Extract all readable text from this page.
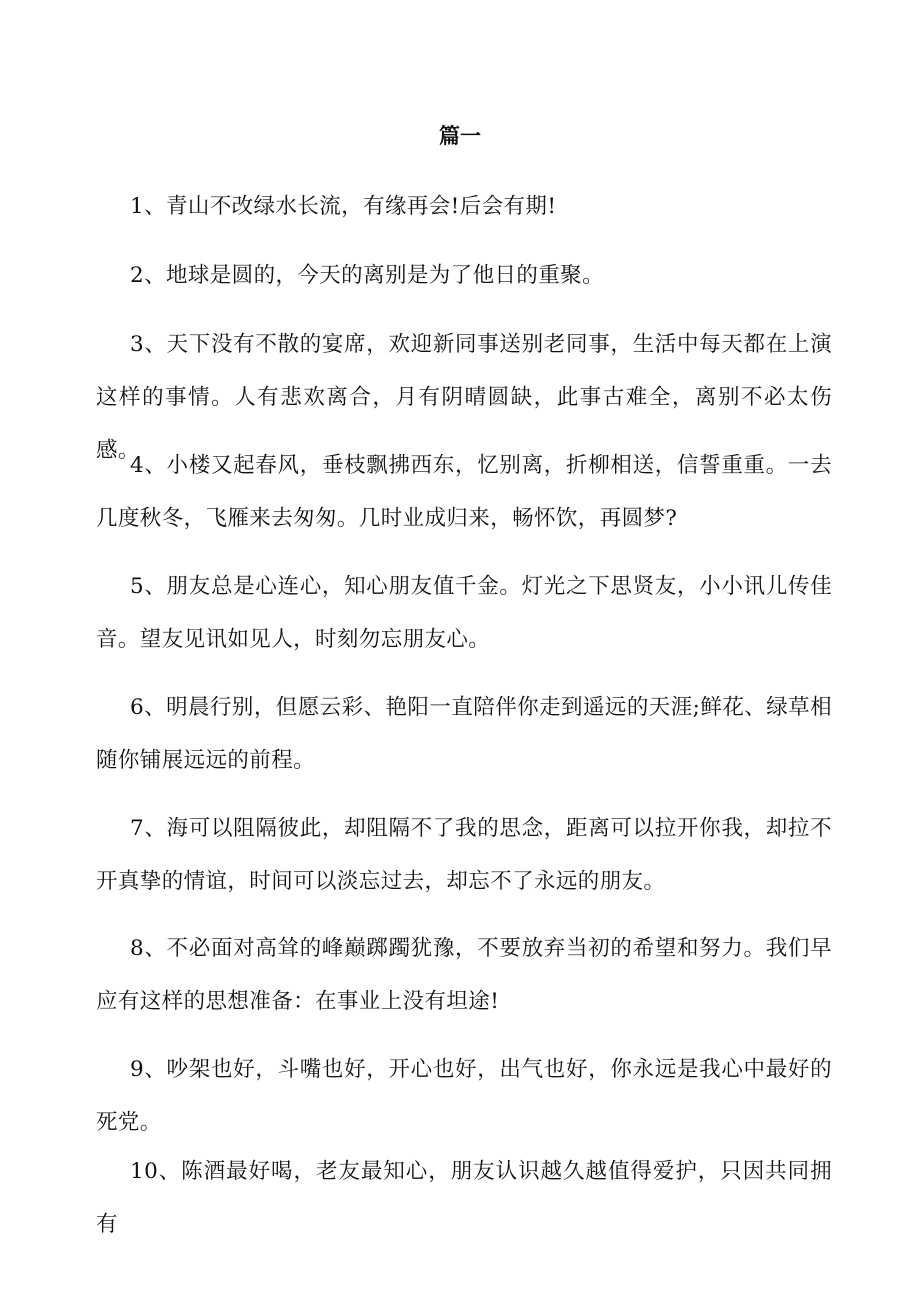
篇一

1、青山不改绿水长流，有缘再会!后会有期!

2、地球是圆的，今天的离别是为了他日的重聚。

3、天下没有不散的宴席，欢迎新同事送别老同事，生活中每天都在上演这样的事情。人有悲欢离合，月有阴晴圆缺，此事古难全，离别不必太伤感。

4、小楼又起春风，垂枝飘拂西东，忆别离，折柳相送，信誓重重。一去几度秋冬，飞雁来去匆匆。几时业成归来，畅怀饮，再圆梦?

5、朋友总是心连心，知心朋友值千金。灯光之下思贤友，小小讯儿传佳音。望友见讯如见人，时刻勿忘朋友心。

6、明晨行别，但愿云彩、艳阳一直陪伴你走到遥远的天涯;鲜花、绿草相随你铺展远远的前程。

7、海可以阻隔彼此，却阻隔不了我的思念，距离可以拉开你我，却拉不开真挚的情谊，时间可以淡忘过去，却忘不了永远的朋友。

8、不必面对高耸的峰巅踯躅犹豫，不要放弃当初的希望和努力。我们早应有这样的思想准备：在事业上没有坦途!

9、吵架也好，斗嘴也好，开心也好，出气也好，你永远是我心中最好的死党。

10、陈酒最好喝，老友最知心，朋友认识越久越值得爱护，只因共同拥有
